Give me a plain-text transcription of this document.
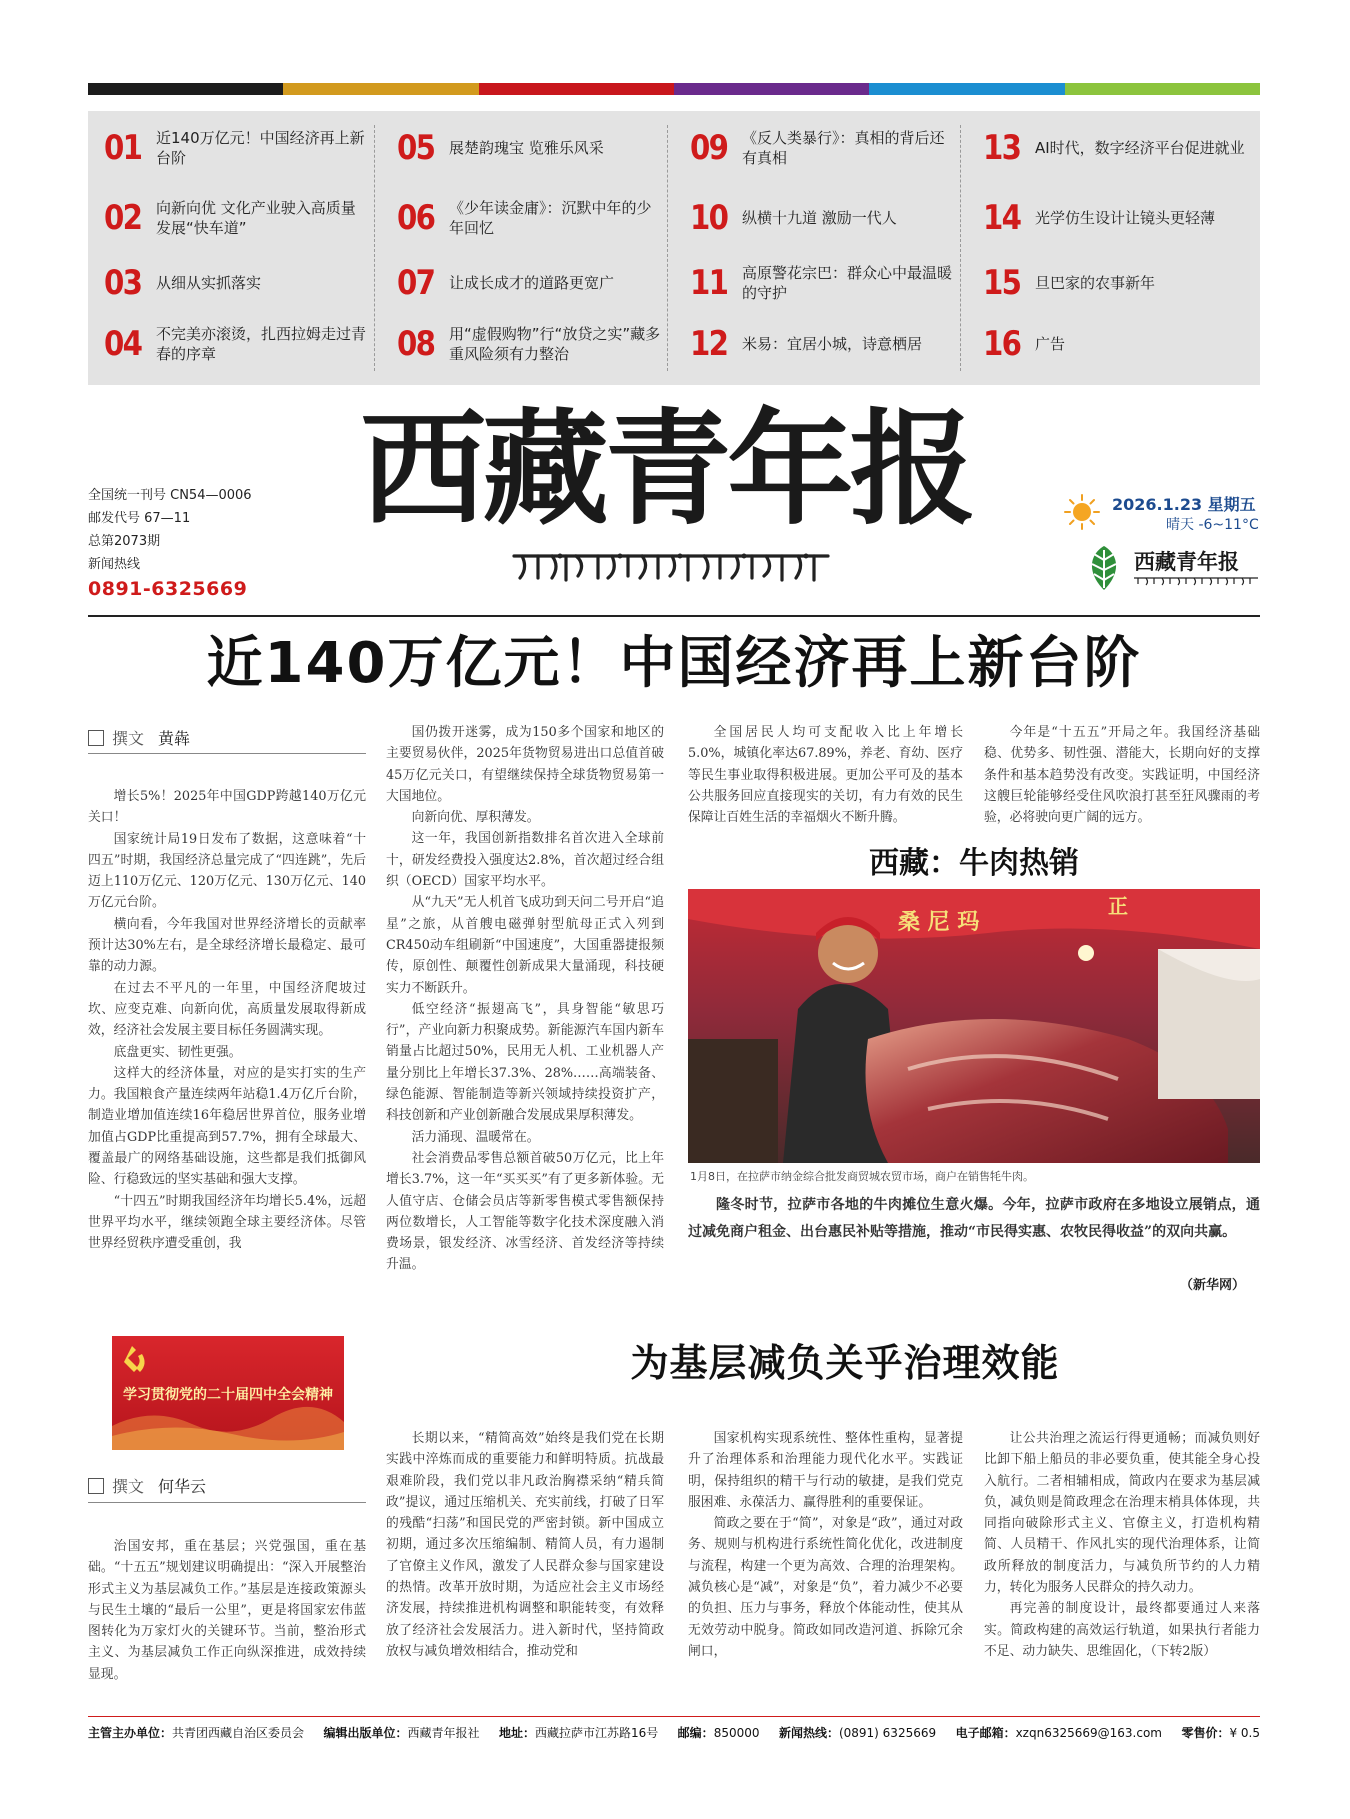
01 近140万亿元！中国经济再上新台阶
02 向新向优 文化产业驶入高质量发展“快车道”
03 从细从实抓落实
04 不完美亦滚烫，扎西拉姆走过青春的序章
05 展楚韵瑰宝 览雅乐风采
06 《少年读金庸》：沉默中年的少年回忆
07 让成长成才的道路更宽广
08 用“虚假购物”行“放贷之实”藏多重风险须有力整治
09 《反人类暴行》：真相的背后还有真相
10 纵横十九道 激励一代人
11 高原警花宗巴：群众心中最温暖的守护
12 米易：宜居小城，诗意栖居
13 AI时代，数字经济平台促进就业
14 光学仿生设计让镜头更轻薄
15 旦巴家的农事新年
16 广告
全国统一刊号 CN54—0006
邮发代号 67—11
总第2073期
新闻热线
0891-6325669
西藏青年报	2026.1.23 星期五
晴天 -6~11°C
西藏青年报
近140万亿元！中国经济再上新台阶
撰文 黄犇

增长5%！2025年中国GDP跨越140万亿元关口！

国家统计局19日发布了数据，这意味着“十四五”时期，我国经济总量完成了“四连跳”，先后迈上110万亿元、120万亿元、130万亿元、140万亿元台阶。

横向看，今年我国对世界经济增长的贡献率预计达30%左右，是全球经济增长最稳定、最可靠的动力源。

在过去不平凡的一年里，中国经济爬坡过坎、应变克难、向新向优，高质量发展取得新成效，经济社会发展主要目标任务圆满实现。

底盘更实、韧性更强。

这样大的经济体量，对应的是实打实的生产力。我国粮食产量连续两年站稳1.4万亿斤台阶，制造业增加值连续16年稳居世界首位，服务业增加值占GDP比重提高到57.7%，拥有全球最大、覆盖最广的网络基础设施，这些都是我们抵御风险、行稳致远的坚实基础和强大支撑。

“十四五”时期我国经济年均增长5.4%，远超世界平均水平，继续领跑全球主要经济体。尽管世界经贸秩序遭受重创，我

国仍拨开迷雾，成为150多个国家和地区的主要贸易伙伴，2025年货物贸易进出口总值首破45万亿元关口，有望继续保持全球货物贸易第一大国地位。

向新向优、厚积薄发。

这一年，我国创新指数排名首次进入全球前十，研发经费投入强度达2.8%，首次超过经合组织（OECD）国家平均水平。

从“九天”无人机首飞成功到天问二号开启“追星”之旅，从首艘电磁弹射型航母正式入列到CR450动车组刷新“中国速度”，大国重器捷报频传，原创性、颠覆性创新成果大量涌现，科技硬实力不断跃升。

低空经济“振翅高飞”，具身智能“敏思巧行”，产业向新力积聚成势。新能源汽车国内新车销量占比超过50%，民用无人机、工业机器人产量分别比上年增长37.3%、28%……高端装备、绿色能源、智能制造等新兴领域持续投资扩产，科技创新和产业创新融合发展成果厚积薄发。

活力涌现、温暖常在。

社会消费品零售总额首破50万亿元，比上年增长3.7%，这一年“买买买”有了更多新体验。无人值守店、仓储会员店等新零售模式零售额保持两位数增长，人工智能等数字化技术深度融入消费场景，银发经济、冰雪经济、首发经济等持续升温。

全国居民人均可支配收入比上年增长5.0%，城镇化率达67.89%，养老、育幼、医疗等民生事业取得积极进展。更加公平可及的基本公共服务回应直接现实的关切，有力有效的民生保障让百姓生活的幸福烟火不断升腾。

今年是“十五五”开局之年。我国经济基础稳、优势多、韧性强、潜能大，长期向好的支撑条件和基本趋势没有改变。实践证明，中国经济这艘巨轮能够经受住风吹浪打甚至狂风骤雨的考验，必将驶向更广阔的远方。

西藏：牛肉热销
桑 尼 玛
正
1月8日，在拉萨市纳金综合批发商贸城农贸市场，商户在销售牦牛肉。

隆冬时节，拉萨市各地的牛肉摊位生意火爆。今年，拉萨市政府在多地设立展销点，通过减免商户租金、出台惠民补贴等措施，推动“市民得实惠、农牧民得收益”的双向共赢。

（新华网）
学习贯彻党的二十届四中全会精神
为基层减负关乎治理效能
撰文 何华云

治国安邦，重在基层；兴党强国，重在基础。“十五五”规划建议明确提出：“深入开展整治形式主义为基层减负工作。”基层是连接政策源头与民生土壤的“最后一公里”，更是将国家宏伟蓝图转化为万家灯火的关键环节。当前，整治形式主义、为基层减负工作正向纵深推进，成效持续显现。

长期以来，“精简高效”始终是我们党在长期实践中淬炼而成的重要能力和鲜明特质。抗战最艰难阶段，我们党以非凡政治胸襟采纳“精兵简政”提议，通过压缩机关、充实前线，打破了日军的残酷“扫荡”和国民党的严密封锁。新中国成立初期，通过多次压缩编制、精简人员，有力遏制了官僚主义作风，激发了人民群众参与国家建设的热情。改革开放时期，为适应社会主义市场经济发展，持续推进机构调整和职能转变，有效释放了经济社会发展活力。进入新时代，坚持简政放权与减负增效相结合，推动党和

国家机构实现系统性、整体性重构，显著提升了治理体系和治理能力现代化水平。实践证明，保持组织的精干与行动的敏捷，是我们党克服困难、永葆活力、赢得胜利的重要保证。

简政之要在于“简”，对象是“政”，通过对政务、规则与机构进行系统性简化优化，改进制度与流程，构建一个更为高效、合理的治理架构。减负核心是“减”，对象是“负”，着力减少不必要的负担、压力与事务，释放个体能动性，使其从无效劳动中脱身。简政如同改造河道、拆除冗余闸口，

让公共治理之流运行得更通畅；而减负则好比卸下船上船员的非必要负重，使其能全身心投入航行。二者相辅相成，简政内在要求为基层减负，减负则是简政理念在治理末梢具体体现，共同指向破除形式主义、官僚主义，打造机构精简、人员精干、作风扎实的现代治理体系，让简政所释放的制度活力，与减负所节约的人力精力，转化为服务人民群众的持久动力。

再完善的制度设计，最终都要通过人来落实。简政构建的高效运行轨道，如果执行者能力不足、动力缺失、思维固化，（下转2版）

主管主办单位：共青团西藏自治区委员会 编辑出版单位：西藏青年报社 地址：西藏拉萨市江苏路16号 邮编：850000 新闻热线：(0891) 6325669 电子邮箱：xzqn6325669@163.com 零售价：¥ 0.5
